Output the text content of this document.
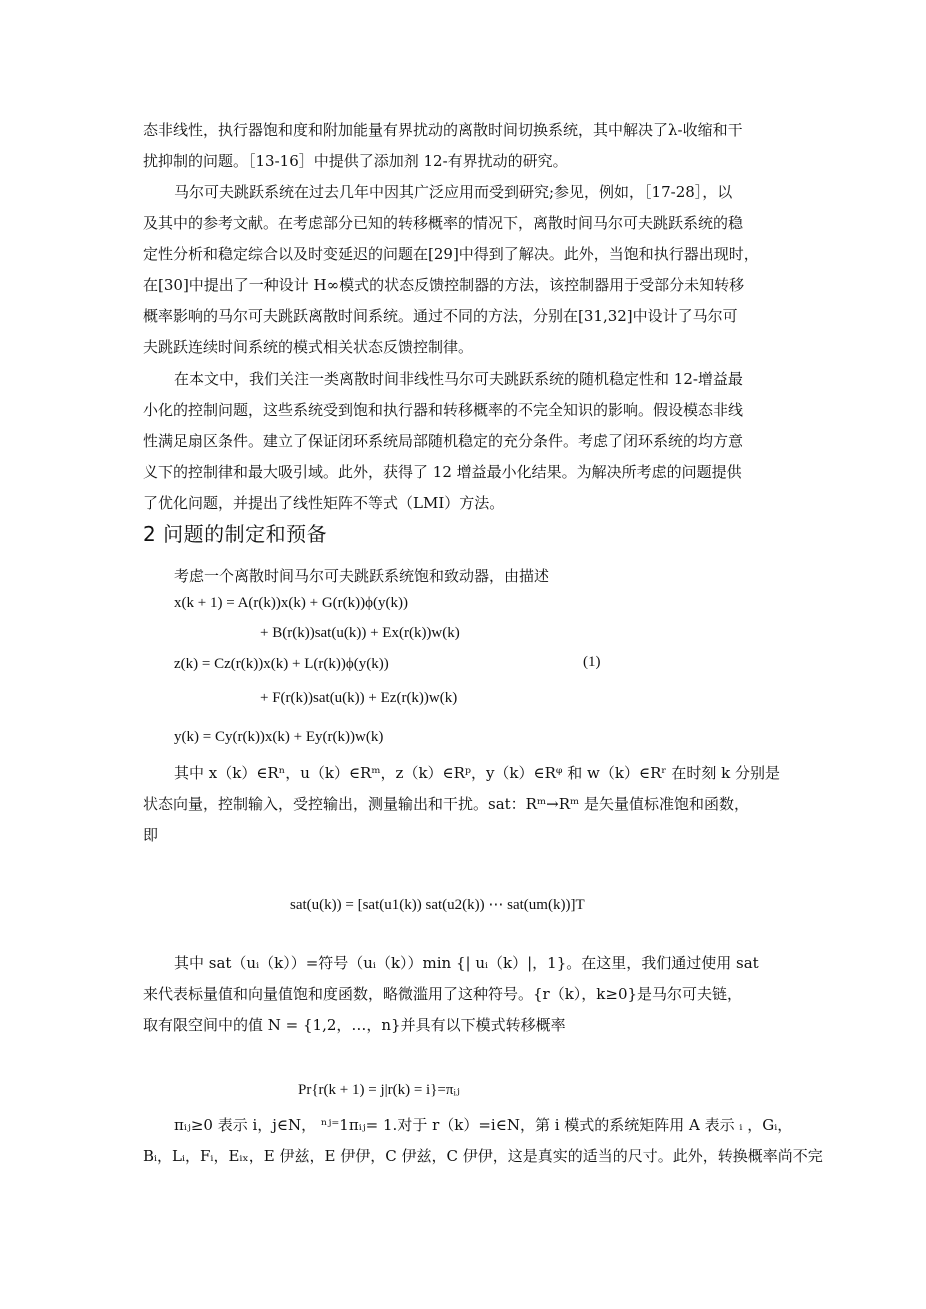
态非线性，执行器饱和度和附加能量有界扰动的离散时间切换系统，其中解决了λ-收缩和干
扰抑制的问题。［13-16］中提供了添加剂 12-有界扰动的研究。
马尔可夫跳跃系统在过去几年中因其广泛应用而受到研究;参见，例如，［17-28］，以
及其中的参考文献。在考虑部分已知的转移概率的情况下，离散时间马尔可夫跳跃系统的稳
定性分析和稳定综合以及时变延迟的问题在[29]中得到了解决。此外，当饱和执行器出现时，
在[30]中提出了一种设计 H∞模式的状态反馈控制器的方法，该控制器用于受部分未知转移
概率影响的马尔可夫跳跃离散时间系统。通过不同的方法，分别在[31,32]中设计了马尔可
夫跳跃连续时间系统的模式相关状态反馈控制律。
在本文中，我们关注一类离散时间非线性马尔可夫跳跃系统的随机稳定性和 12-增益最
小化的控制问题，这些系统受到饱和执行器和转移概率的不完全知识的影响。假设模态非线
性满足扇区条件。建立了保证闭环系统局部随机稳定的充分条件。考虑了闭环系统的均方意
义下的控制律和最大吸引域。此外，获得了 12 增益最小化结果。为解决所考虑的问题提供
了优化问题，并提出了线性矩阵不等式（LMI）方法。
2 问题的制定和预备
考虑一个离散时间马尔可夫跳跃系统饱和致动器，由描述
x(k + 1) = A(r(k))x(k) + G(r(k))ϕ(y(k))
+ B(r(k))sat(u(k)) + Ex(r(k))w(k)
z(k) = Cz(r(k))x(k) + L(r(k))ϕ(y(k))	(1)
+ F(r(k))sat(u(k)) + Ez(r(k))w(k)
y(k) = Cy(r(k))x(k) + Ey(r(k))w(k)
其中 x（k）∈Rⁿ，u（k）∈Rᵐ，z（k）∈Rᵖ，y（k）∈Rᵠ 和 w（k）∈Rʳ 在时刻 k 分别是
状态向量，控制输入，受控输出，测量输出和干扰。sat：Rᵐ→Rᵐ 是矢量值标准饱和函数，
即
sat(u(k)) = [sat(u1(k)) sat(u2(k)) ⋯ sat(um(k))]T
其中 sat（uᵢ（k））=符号（uᵢ（k））min {| uᵢ（k）|，1}。在这里，我们通过使用 sat
来代表标量值和向量值饱和度函数，略微滥用了这种符号。{r（k），k≥0}是马尔可夫链，
取有限空间中的值 N = {1,2，…，n}并具有以下模式转移概率
Pr{r(k + 1) = j|r(k) = i}=πᵢⱼ
πᵢⱼ≥0 表示 i，j∈N， ⁿʲ⁼1πᵢⱼ= 1.对于 r（k）=i∈N，第 i 模式的系统矩阵用 A 表示 ᵢ ，Gᵢ，
Bᵢ，Lᵢ，Fᵢ，Eᵢₓ，E 伊兹，E 伊伊，C 伊兹，C 伊伊，这是真实的适当的尺寸。此外，转换概率尚不完
